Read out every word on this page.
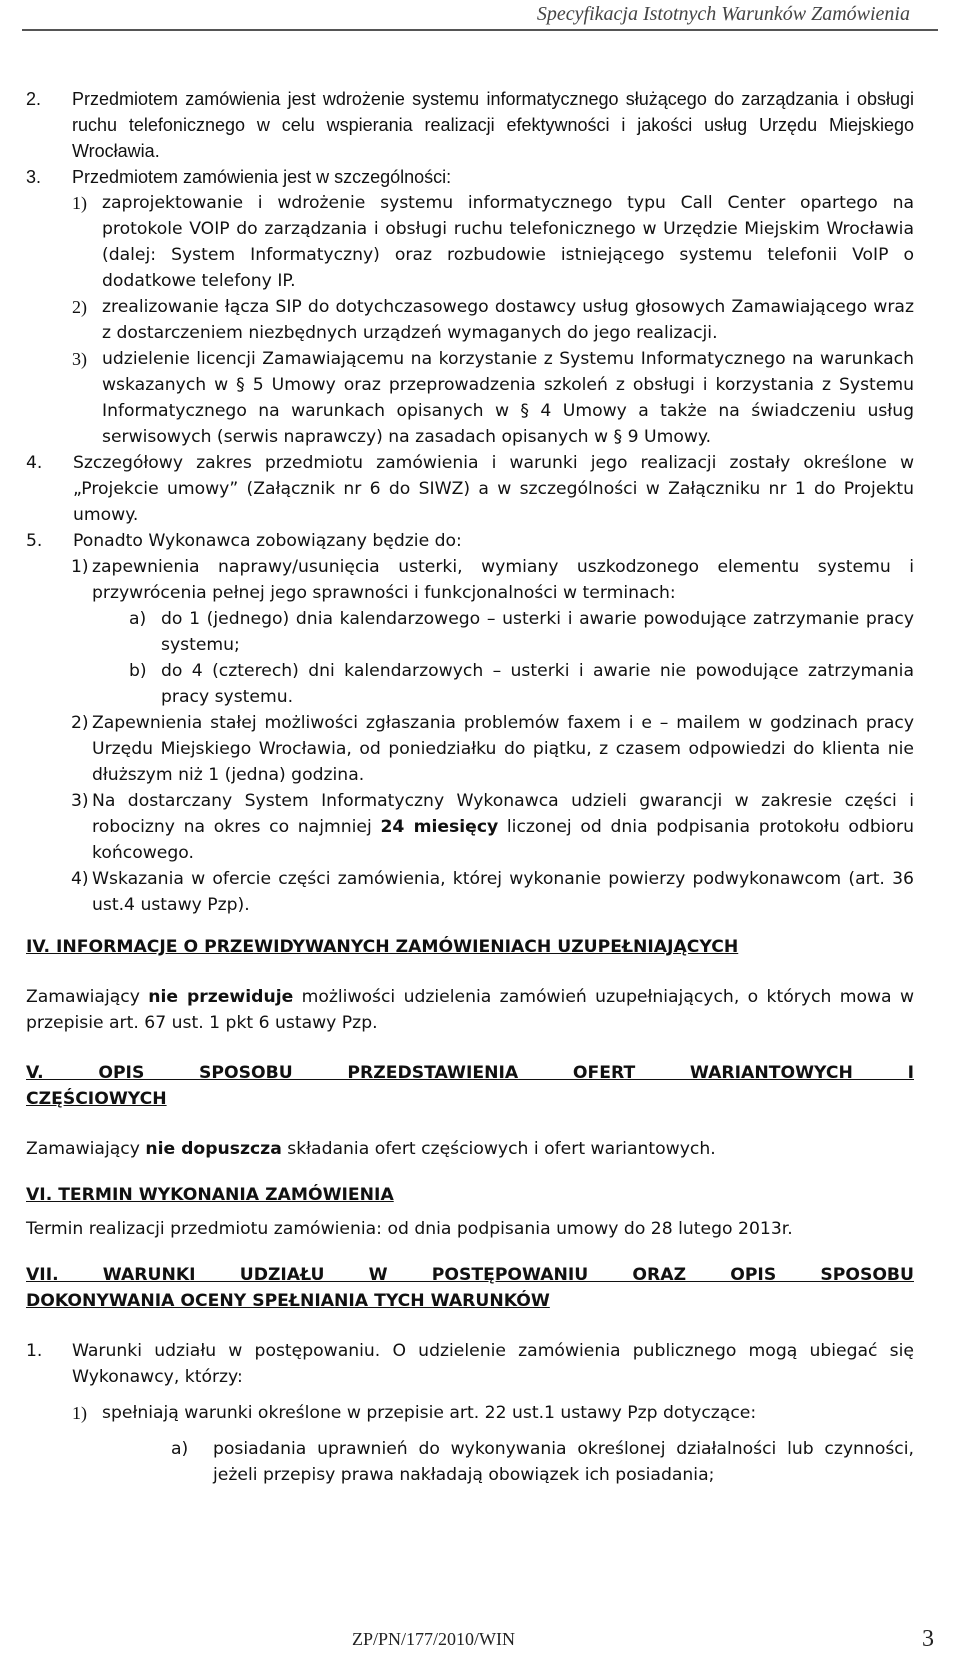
Specyfikacja Istotnych Warunków Zamówienia
2.	Przedmiotem zamówienia jest wdrożenie systemu informatycznego służącego do zarządzania i obsługi ruchu telefonicznego w celu wspierania realizacji efektywności i jakości usług Urzędu Miejskiego Wrocławia.
3.	Przedmiotem zamówienia jest w szczególności:
1) zaprojektowanie i wdrożenie systemu informatycznego typu Call Center opartego na protokole VOIP do zarządzania i obsługi ruchu telefonicznego w Urzędzie Miejskim Wrocławia (dalej: System Informatyczny) oraz rozbudowie istniejącego systemu telefonii VoIP o dodatkowe telefony IP.
2) zrealizowanie łącza SIP do dotychczasowego dostawcy usług głosowych Zamawiającego wraz z dostarczeniem niezbędnych urządzeń wymaganych do jego realizacji.
3) udzielenie licencji Zamawiającemu na korzystanie z Systemu Informatycznego na warunkach wskazanych w § 5 Umowy oraz przeprowadzenia szkoleń z obsługi i korzystania z Systemu Informatycznego na warunkach opisanych w § 4 Umowy a także na świadczeniu usług serwisowych (serwis naprawczy) na zasadach opisanych w § 9 Umowy.
4.	Szczegółowy zakres przedmiotu zamówienia i warunki jego realizacji zostały określone w „Projekcie umowy” (Załącznik nr 6 do SIWZ) a w szczególności w Załączniku nr 1 do Projektu umowy.
5.	Ponadto Wykonawca zobowiązany będzie do:
1) zapewnienia naprawy/usunięcia usterki, wymiany uszkodzonego elementu systemu i przywrócenia pełnej jego sprawności i funkcjonalności w terminach:
a) do 1 (jednego) dnia kalendarzowego – usterki i awarie powodujące zatrzymanie pracy systemu;
b) do 4 (czterech) dni kalendarzowych – usterki i awarie nie powodujące zatrzymania pracy systemu.
2) Zapewnienia stałej możliwości zgłaszania problemów faxem i e – mailem w godzinach pracy Urzędu Miejskiego Wrocławia, od poniedziałku do piątku, z czasem odpowiedzi do klienta nie dłuższym niż 1 (jedna) godzina.
3) Na dostarczany System Informatyczny Wykonawca udzieli gwarancji w zakresie części i robocizny na okres co najmniej 24 miesięcy liczonej od dnia podpisania protokołu odbioru końcowego.
4) Wskazania w ofercie części zamówienia, której wykonanie powierzy podwykonawcom (art. 36 ust.4 ustawy Pzp).

IV. INFORMACJE O PRZEWIDYWANYCH ZAMÓWIENIACH UZUPEŁNIAJĄCYCH

Zamawiający nie przewiduje możliwości udzielenia zamówień uzupełniających, o których mowa w przepisie art. 67 ust. 1 pkt 6 ustawy Pzp.

V. OPIS SPOSOBU PRZEDSTAWIENIA OFERT WARIANTOWYCH I

CZĘŚCIOWYCH

Zamawiający nie dopuszcza składania ofert częściowych i ofert wariantowych.

VI. TERMIN WYKONANIA ZAMÓWIENIA

Termin realizacji przedmiotu zamówienia: od dnia podpisania umowy do 28 lutego 2013r.

VII. WARUNKI UDZIAŁU W POSTĘPOWANIU ORAZ OPIS SPOSOBU

DOKONYWANIA OCENY SPEŁNIANIA TYCH WARUNKÓW

1.	Warunki udziału w postępowaniu. O udzielenie zamówienia publicznego mogą ubiegać się Wykonawcy, którzy:
1) spełniają warunki określone w przepisie art. 22 ust.1 ustawy Pzp dotyczące:
a)	posiadania uprawnień do wykonywania określonej działalności lub czynności, jeżeli przepisy prawa nakładają obowiązek ich posiadania;
ZP/PN/177/2010/WIN	3
